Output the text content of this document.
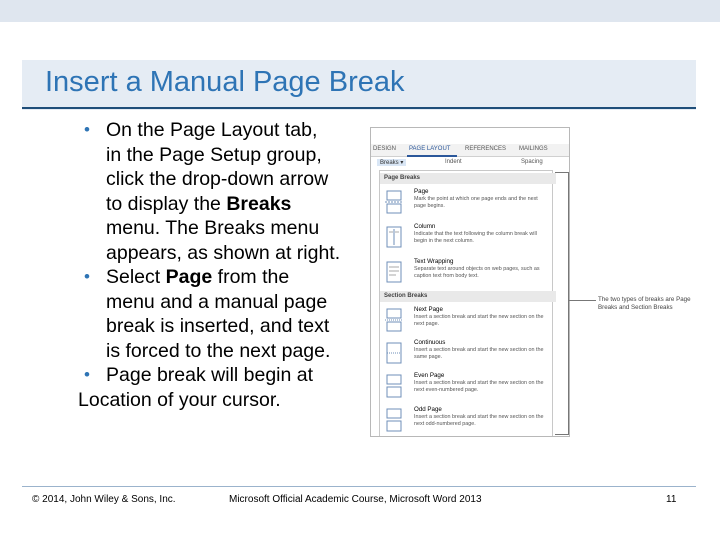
Insert a Manual Page Break
• On the Page Layout tab,
in the Page Setup group,
click the drop-down arrow
to display the Breaks
menu. The Breaks menu
appears, as shown at right.
• Select Page from the
menu and a manual page
break is inserted, and text
is forced to the next page.
• Page break will begin at
Location of your cursor.
DESIGN PAGE LAYOUT REFERENCES MAILINGS
Breaks ▾	Indent	Spacing
Page Breaks
Page
Mark the point at which one page ends and the next page begins.
Column
Indicate that the text following the column break will begin in the next column.
Text Wrapping
Separate text around objects on web pages, such as caption text from body text.
Section Breaks
Next Page
Insert a section break and start the new section on the next page.
Continuous
Insert a section break and start the new section on the same page.
Even Page
Insert a section break and start the new section on the next even-numbered page.
Odd Page
Insert a section break and start the new section on the next odd-numbered page.
The two types of breaks are Page Breaks and Section Breaks
© 2014, John Wiley & Sons, Inc.	Microsoft Official Academic Course, Microsoft Word 2013	11
